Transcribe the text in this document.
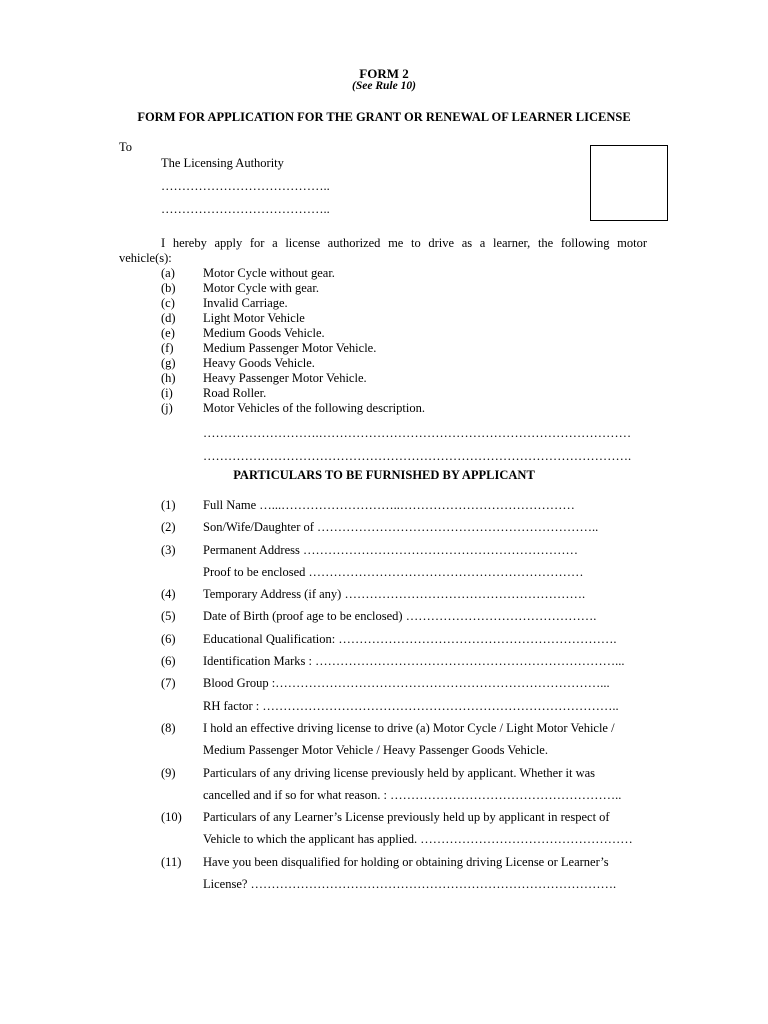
FORM 2
(See Rule 10)
FORM FOR APPLICATION FOR THE GRANT OR RENEWAL OF LEARNER LICENSE
To
The Licensing Authority
…………………………………..
…………………………………..
I hereby apply for a license authorized me to drive as a learner, the following motor
vehicle(s):
(a) Motor Cycle without gear.
(b) Motor Cycle with gear.
(c) Invalid Carriage.
(d) Light Motor Vehicle
(e) Medium Goods Vehicle.
(f) Medium Passenger Motor Vehicle.
(g) Heavy Goods Vehicle.
(h) Heavy Passenger Motor Vehicle.
(i) Road Roller.
(j) Motor Vehicles of the following description.
……………………….…………………………………………………………………
………………………………………………………………………………………….
PARTICULARS TO BE FURNISHED BY APPLICANT
(1) Full Name …...………………………..……………………………………
(2) Son/Wife/Daughter of …………………………………………………………..
(3) Permanent Address …………………………………………………………
Proof to be enclosed …………………………………………………………
(4) Temporary Address (if any) ………………………………………………….
(5) Date of Birth (proof age to be enclosed) ……………………………………….
(6) Educational Qualification: ………………………………………………………….
(6) Identification Marks : ………………………………………………………………...
(7) Blood Group :……………………………………………………………………...
RH factor : …………………………………………………………………………..
(8) I hold an effective driving license to drive (a) Motor Cycle / Light Motor Vehicle /
Medium Passenger Motor Vehicle / Heavy Passenger Goods Vehicle.
(9) Particulars of any driving license previously held by applicant. Whether it was
cancelled and if so for what reason. : ………………………………………………..
(10) Particulars of any Learner’s License previously held up by applicant in respect of
Vehicle to which the applicant has applied. ……………………………………………
(11) Have you been disqualified for holding or obtaining driving License or Learner’s
License? …………………………………………………………………………….
